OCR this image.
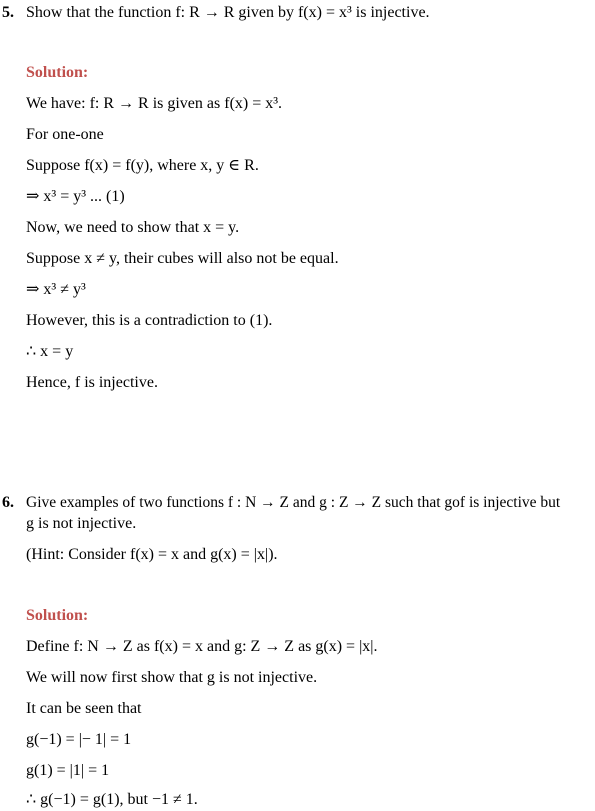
5. Show that the function f: R → R given by f(x) = x³ is injective.
Solution:
We have: f: R → R is given as f(x) = x³.
For one-one
Suppose f(x) = f(y), where x, y ∈ R.
⇒ x³ = y³ ... (1)
Now, we need to show that x = y.
Suppose x ≠ y, their cubes will also not be equal.
⇒ x³ ≠ y³
However, this is a contradiction to (1).
∴ x = y
Hence, f is injective.
6. Give examples of two functions f : N → Z and g : Z → Z such that gof is injective but
g is not injective.
(Hint: Consider f(x) = x and g(x) = |x|).
Solution:
Define f: N → Z as f(x) = x and g: Z → Z as g(x) = |x|.
We will now first show that g is not injective.
It can be seen that
g(−1) = |− 1| = 1
g(1) = |1| = 1
∴ g(−1) = g(1), but −1 ≠ 1.
